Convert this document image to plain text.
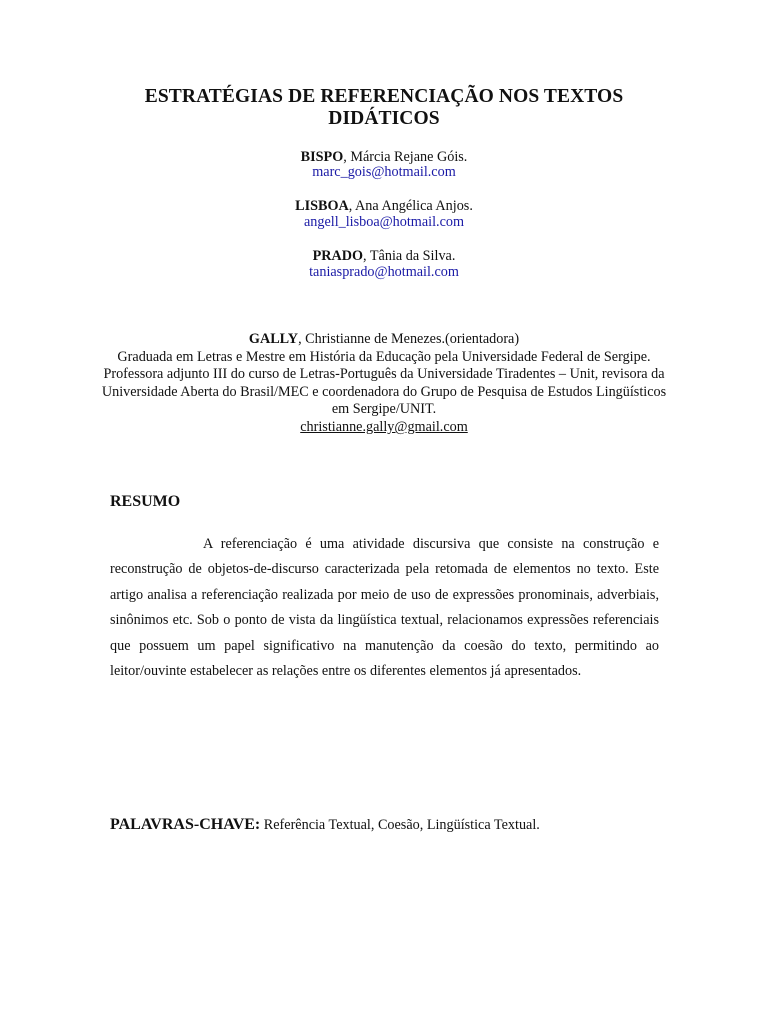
ESTRATÉGIAS DE REFERENCIAÇÃO NOS TEXTOS DIDÁTICOS
BISPO, Márcia Rejane Góis.
marc_gois@hotmail.com
LISBOA, Ana Angélica Anjos.
angell_lisboa@hotmail.com
PRADO, Tânia da Silva.
taniasprado@hotmail.com
GALLY, Christianne de Menezes.(orientadora)
Graduada em Letras e Mestre em História da Educação pela Universidade Federal de Sergipe. Professora adjunto III do curso de Letras-Português da Universidade Tiradentes – Unit, revisora da Universidade Aberta do Brasil/MEC e coordenadora do Grupo de Pesquisa de Estudos Lingüísticos em Sergipe/UNIT.
christianne.gally@gmail.com
RESUMO

A referenciação é uma atividade discursiva que consiste na construção e reconstrução de objetos-de-discurso caracterizada pela retomada de elementos no texto. Este artigo analisa a referenciação realizada por meio de uso de expressões pronominais, adverbiais, sinônimos etc. Sob o ponto de vista da lingüística textual, relacionamos expressões referenciais que possuem um papel significativo na manutenção da coesão do texto, permitindo ao leitor/ouvinte estabelecer as relações entre os diferentes elementos já apresentados.

PALAVRAS-CHAVE: Referência Textual, Coesão, Lingüística Textual.
